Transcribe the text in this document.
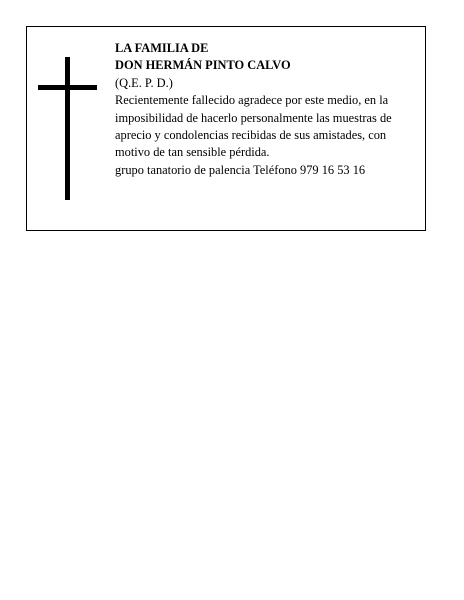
LA FAMILIA DE
DON HERMÁN PINTO CALVO
(Q.E. P. D.)
Recientemente fallecido agradece por este medio, en la imposibilidad de hacerlo personalmente las muestras de aprecio y condolencias recibidas de sus amistades, con motivo de tan sensible pérdida.
grupo tanatorio de palencia Teléfono 979 16 53 16
